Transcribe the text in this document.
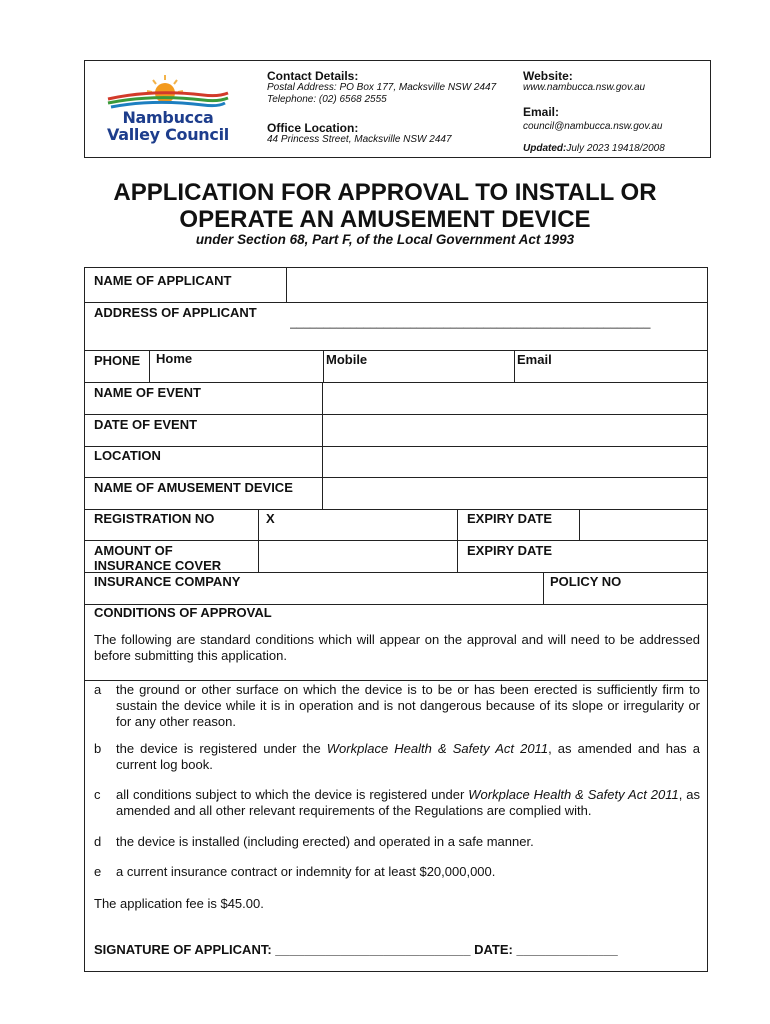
Nambucca
Valley Council
Contact Details:
Postal Address: PO Box 177, Macksville NSW 2447
Telephone: (02) 6568 2555
Office Location:
44 Princess Street, Macksville NSW 2447
Website:
www.nambucca.nsw.gov.au
Email:
council@nambucca.nsw.gov.au
Updated:July 2023 19418/2008
APPLICATION FOR APPROVAL TO INSTALL OR
OPERATE AN AMUSEMENT DEVICE
under Section 68, Part F, of the Local Government Act 1993
NAME OF APPLICANT
ADDRESS OF APPLICANT
______________________________________________________
PHONE Home	Mobile	Email
NAME OF EVENT
DATE OF EVENT
LOCATION
NAME OF AMUSEMENT DEVICE
REGISTRATION NO	X	EXPIRY DATE
AMOUNT OF
INSURANCE COVER
EXPIRY DATE
INSURANCE COMPANY	POLICY NO
CONDITIONS OF APPROVAL
The following are standard conditions which will appear on the approval and will need to be addressed before submitting this application.
a the ground or other surface on which the device is to be or has been erected is sufficiently firm to sustain the device while it is in operation and is not dangerous because of its slope or irregularity or for any other reason.
b the device is registered under the Workplace Health & Safety Act 2011, as amended and has a current log book.
c all conditions subject to which the device is registered under Workplace Health & Safety Act 2011, as amended and all other relevant requirements of the Regulations are complied with.
d the device is installed (including erected) and operated in a safe manner.
e a current insurance contract or indemnity for at least $20,000,000.
The application fee is $45.00.
SIGNATURE OF APPLICANT: ___________________________ DATE: ______________
